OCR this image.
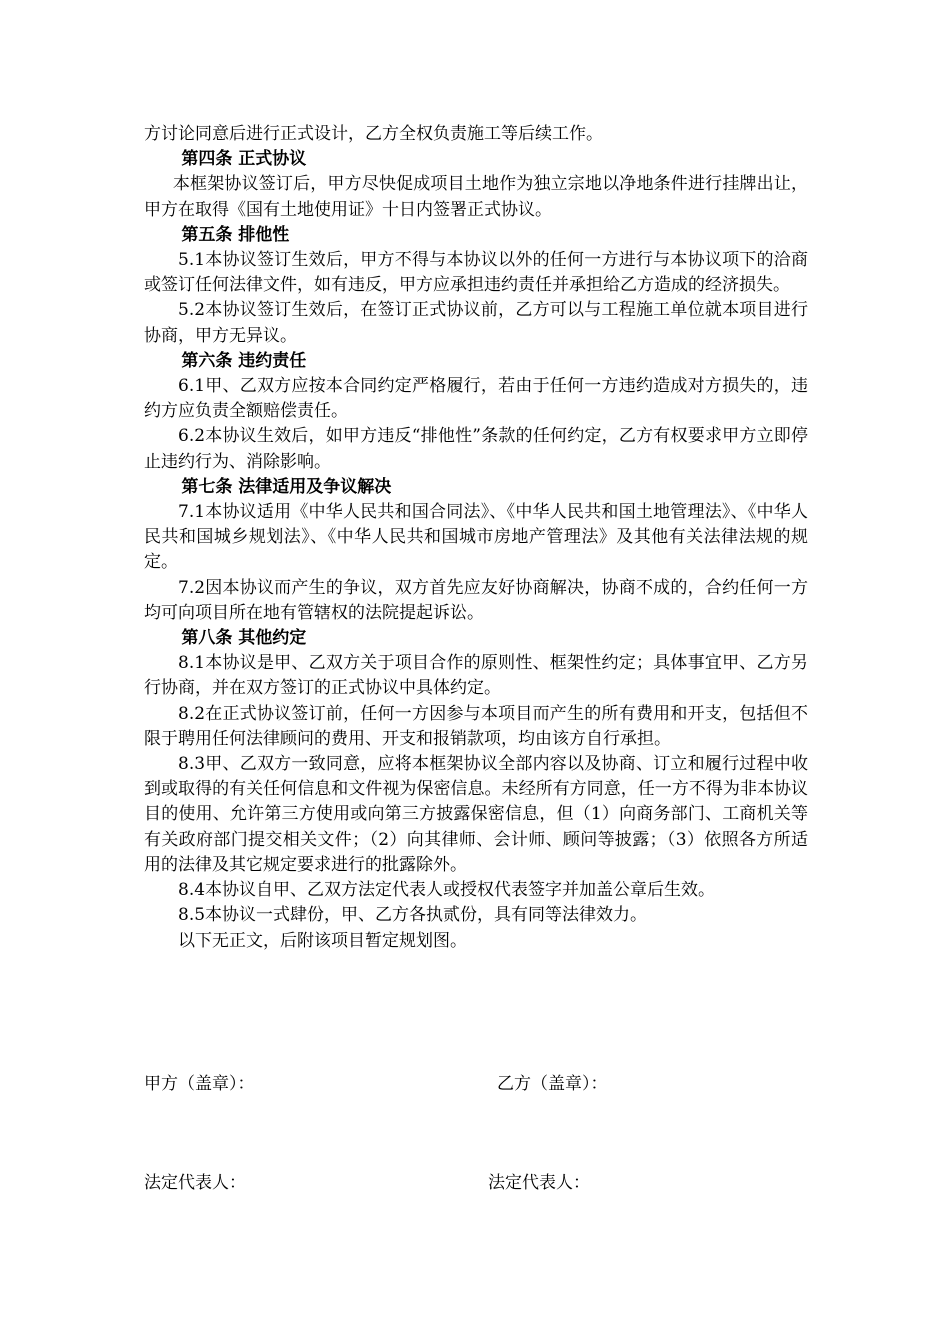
方讨论同意后进行正式设计，乙方全权负责施工等后续工作。

第四条 正式协议

本框架协议签订后，甲方尽快促成项目土地作为独立宗地以净地条件进行挂牌出让，甲方在取得《国有土地使用证》十日内签署正式协议。

第五条 排他性

5.1本协议签订生效后，甲方不得与本协议以外的任何一方进行与本协议项下的洽商或签订任何法律文件，如有违反，甲方应承担违约责任并承担给乙方造成的经济损失。

5.2本协议签订生效后，在签订正式协议前，乙方可以与工程施工单位就本项目进行协商，甲方无异议。

第六条 违约责任

6.1甲、乙双方应按本合同约定严格履行，若由于任何一方违约造成对方损失的，违约方应负责全额赔偿责任。

6.2本协议生效后，如甲方违反“排他性”条款的任何约定，乙方有权要求甲方立即停止违约行为、消除影响。

第七条 法律适用及争议解决

7.1本协议适用《中华人民共和国合同法》、《中华人民共和国土地管理法》、《中华人民共和国城乡规划法》、《中华人民共和国城市房地产管理法》及其他有关法律法规的规定。

7.2因本协议而产生的争议，双方首先应友好协商解决，协商不成的，合约任何一方均可向项目所在地有管辖权的法院提起诉讼。

第八条 其他约定

8.1本协议是甲、乙双方关于项目合作的原则性、框架性约定；具体事宜甲、乙方另行协商，并在双方签订的正式协议中具体约定。

8.2在正式协议签订前，任何一方因参与本项目而产生的所有费用和开支，包括但不限于聘用任何法律顾问的费用、开支和报销款项，均由该方自行承担。

8.3甲、乙双方一致同意，应将本框架协议全部内容以及协商、订立和履行过程中收到或取得的有关任何信息和文件视为保密信息。未经所有方同意，任一方不得为非本协议目的使用、允许第三方使用或向第三方披露保密信息，但（1）向商务部门、工商机关等有关政府部门提交相关文件；（2）向其律师、会计师、顾问等披露；（3）依照各方所适用的法律及其它规定要求进行的批露除外。

8.4本协议自甲、乙双方法定代表人或授权代表签字并加盖公章后生效。

8.5本协议一式肆份，甲、乙方各执贰份，具有同等法律效力。

以下无正文，后附该项目暂定规划图。

甲方（盖章）：	乙方（盖章）：
法定代表人：	法定代表人：
